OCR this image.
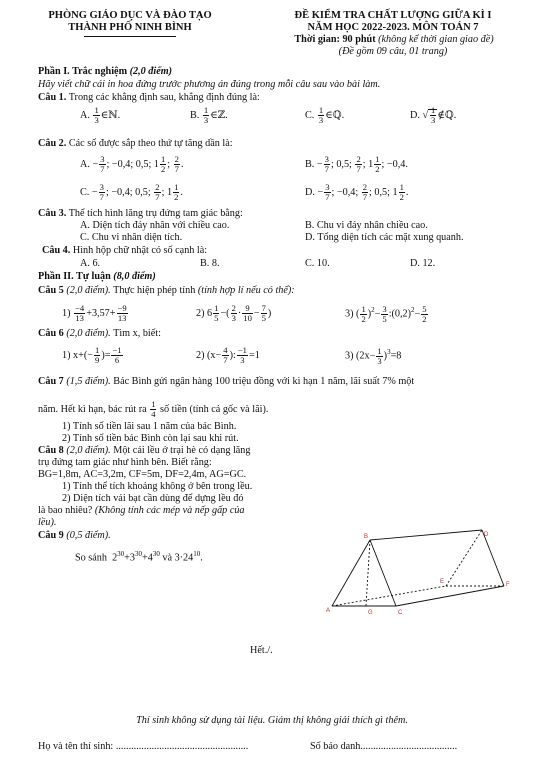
PHÒNG GIÁO DỤC VÀ ĐÀO TẠO
THÀNH PHỐ NINH BÌNH
ĐỀ KIỂM TRA CHẤT LƯỢNG GIỮA KÌ I
NĂM HỌC 2022-2023. MÔN TOÁN 7
Thời gian: 90 phút (không kể thời gian giao đề)
(Đề gồm 09 câu, 01 trang)
Phần I. Trắc nghiệm (2,0 điểm)
Hãy viết chữ cái in hoa đứng trước phương án đúng trong mỗi câu sau vào bài làm.
Câu 1. Trong các khẳng định sau, khẳng định đúng là:
A. $\frac{1}{3}$ ∈ℕ.	B. $\frac{1}{3}$ ∈ℤ.	C. $\frac{1}{3}$ ∈ℚ.	D. √ $\frac{1}{3}$ ∉ℚ.
Câu 2. Các số được sắp theo thứ tự tăng dần là:
A. − $\frac{3}{7}$ ; −0,4; 0,5; $1 \frac{1}{2}$ ; $\frac{2}{7}$ .	B. − $\frac{3}{7}$ ; 0,5; $\frac{2}{7}$ ; $1 \frac{1}{2}$ ; −0,4.
C. − $\frac{3}{7}$ ; −0,4; 0,5; $\frac{2}{7}$ ; $1 \frac{1}{2}$ .	D. − $\frac{3}{7}$ ; −0,4; $\frac{2}{7}$ ; 0,5; $1 \frac{1}{2}$ .
Câu 3. Thể tích hình lăng trụ đứng tam giác bằng:
A. Diện tích đáy nhân với chiều cao.	B. Chu vi đáy nhân chiều cao.
C. Chu vi nhân diện tích.	D. Tổng diện tích các mặt xung quanh.
Câu 4. Hình hộp chữ nhật có số cạnh là:
A. 6.	B. 8.	C. 10.	D. 12.
Phần II. Tự luận (8,0 điểm)
Câu 5 (2,0 điểm). Thực hiện phép tính (tính hợp lí nếu có thể):
$1) \frac{-4}{13} +3,57+ \frac{-9}{13}$	2) $6 \frac{1}{5}$ −( $\frac{2}{3} \cdot \frac{9}{10} - \frac{7}{5}$ )	3) ( $\frac{1}{2} )^2- \frac{3}{5}$ $:(0,2)^2- \frac{5}{2}$
Câu 6 (2,0 điểm). Tìm x, biết:
1) $x+(- \frac{1}{9}$ )= $\frac{-1}{6}$	2) ($x- \frac{4}{7}$ ): $\frac{-1}{3} =1$	3) $(2x- \frac{1}{3} )^3=8$
Câu 7 (1,5 điểm). Bác Bình gửi ngân hàng 100 triệu đồng với kì hạn 1 năm, lãi suất 7% một
năm. Hết kì hạn, bác rút ra $\frac{1}{4}$ số tiền (tính cả gốc và lãi).
1) Tính số tiền lãi sau 1 năm của bác Bình.
2) Tính số tiền bác Bình còn lại sau khi rút.
Câu 8 (2,0 điểm). Một cái lều ở trại hè có dạng lăng
trụ đứng tam giác như hình bên. Biết rằng:
BG=1,8m, AC=3,2m, CF=5m, DF=2,4m, AG=GC.
1) Tính thể tích khoảng không ở bên trong lều.
2) Diện tích vải bạt cần dùng để dựng lều đó
là bao nhiêu? (Không tính các mép và nếp gấp của
lều).
A
B
C
D
E	F
G
Câu 9 (0,5 điểm).
So sánh  $2^{30}+3^{30}+4^{30}$ và $3\cdot 24^{10}$.
Hết./.
Thí sinh không sử dụng tài liệu. Giám thị không giải thích gì thêm.
Họ và tên thí sinh: ....................................................	Số báo danh......................................
